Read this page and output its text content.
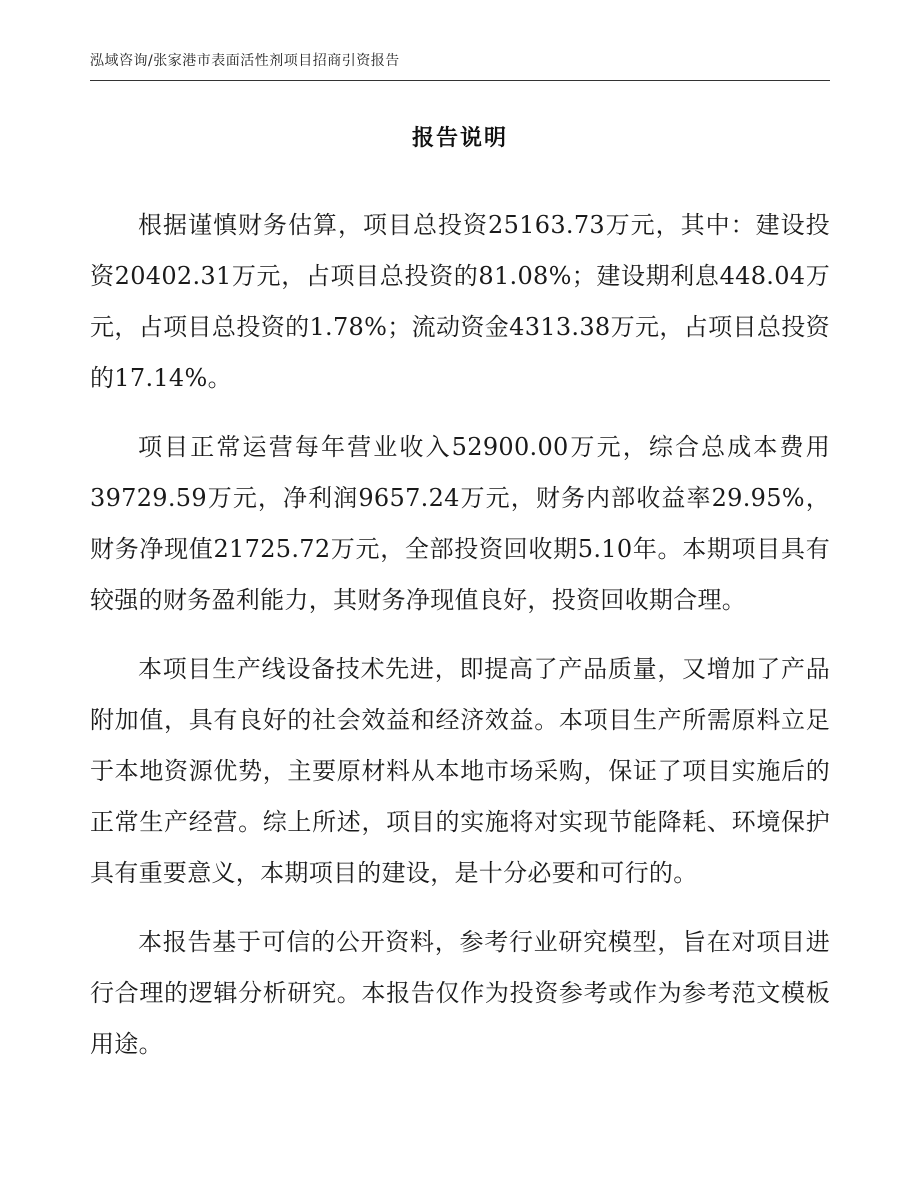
泓域咨询/张家港市表面活性剂项目招商引资报告
报告说明

根据谨慎财务估算，项目总投资25163.73万元，其中：建设投资20402.31万元，占项目总投资的81.08%；建设期利息448.04万元，占项目总投资的1.78%；流动资金4313.38万元，占项目总投资的17.14%。

项目正常运营每年营业收入52900.00万元，综合总成本费用39729.59万元，净利润9657.24万元，财务内部收益率29.95%，财务净现值21725.72万元，全部投资回收期5.10年。本期项目具有较强的财务盈利能力，其财务净现值良好，投资回收期合理。

本项目生产线设备技术先进，即提高了产品质量，又增加了产品附加值，具有良好的社会效益和经济效益。本项目生产所需原料立足于本地资源优势，主要原材料从本地市场采购，保证了项目实施后的正常生产经营。综上所述，项目的实施将对实现节能降耗、环境保护具有重要意义，本期项目的建设，是十分必要和可行的。

本报告基于可信的公开资料，参考行业研究模型，旨在对项目进行合理的逻辑分析研究。本报告仅作为投资参考或作为参考范文模板用途。
